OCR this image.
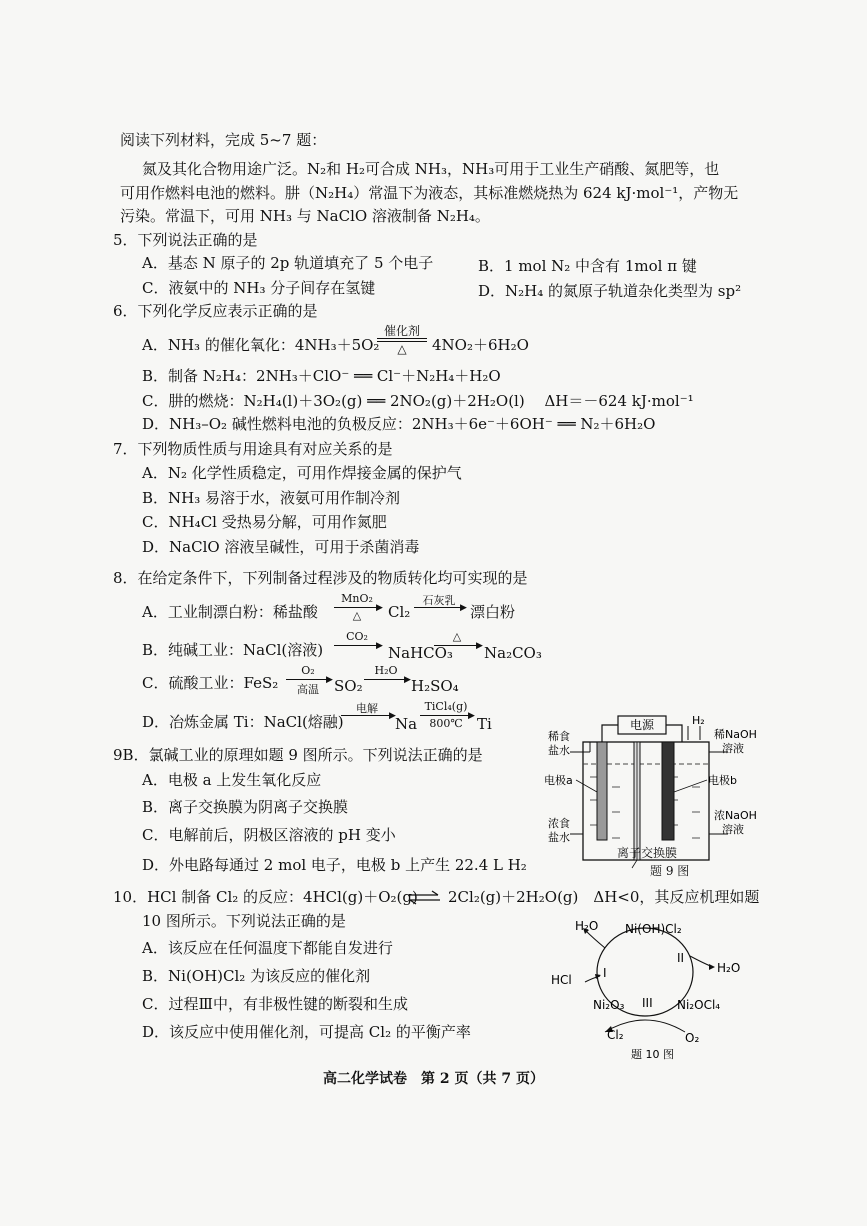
阅读下列材料，完成 5~7 题：
氮及其化合物用途广泛。N₂和 H₂可合成 NH₃，NH₃可用于工业生产硝酸、氮肥等，也
可用作燃料电池的燃料。肼（N₂H₄）常温下为液态，其标准燃烧热为 624 kJ·mol⁻¹，产物无
污染。常温下，可用 NH₃ 与 NaClO 溶液制备 N₂H₄。
5．下列说法正确的是
A．基态 N 原子的 2p 轨道填充了 5 个电子	B．1 mol N₂ 中含有 1mol π 键
C．液氨中的 NH₃ 分子间存在氢键	D．N₂H₄ 的氮原子轨道杂化类型为 sp²
6．下列化学反应表示正确的是
A．NH₃ 的催化氧化：4NH₃＋5O₂
催化剂
△	4NO₂＋6H₂O
B．制备 N₂H₄：2NH₃＋ClO⁻ ══ Cl⁻＋N₂H₄＋H₂O
C．肼的燃烧：N₂H₄(l)＋3O₂(g) ══ 2NO₂(g)＋2H₂O(l)　 ΔH＝－624 kJ·mol⁻¹
D．NH₃–O₂ 碱性燃料电池的负极反应：2NH₃＋6e⁻＋6OH⁻ ══ N₂＋6H₂O
7．下列物质性质与用途具有对应关系的是
A．N₂ 化学性质稳定，可用作焊接金属的保护气
B．NH₃ 易溶于水，液氨可用作制冷剂
C．NH₄Cl 受热易分解，可用作氮肥
D．NaClO 溶液呈碱性，可用于杀菌消毒
8．在给定条件下，下列制备过程涉及的物质转化均可实现的是
A．工业制漂白粉：稀盐酸
MnO₂
▶
△	Cl₂
石灰乳
▶ 漂白粉
B．纯碱工业：NaCl(溶液)
CO₂
▶ NaHCO₃
△
▶ Na₂CO₃
C．硫酸工业：FeS₂
O₂
▶
高温	SO₂
H₂O
▶ H₂SO₄
D．冶炼金属 Ti：NaCl(熔融)
电解
▶ Na
TiCl₄(g)
▶
800℃ Ti
9B．氯碱工业的原理如题 9 图所示。下列说法正确的是
A．电极 a 上发生氧化反应
B．离子交换膜为阴离子交换膜
C．电解前后，阴极区溶液的 pH 变小
D．外电路每通过 2 mol 电子，电极 b 上产生 22.4 L H₂
电源	H₂
稀食
盐水
电极a
浓食
盐水
稀NaOH
溶液
电极b
浓NaOH
溶液
离子交换膜
题 9 图
10．HCl 制备 Cl₂ 的反应：4HCl(g)＋O₂(g) ⇌ 2Cl₂(g)＋2H₂O(g)　ΔH<0，其反应机理如题
10 图所示。下列说法正确的是
A．该反应在任何温度下都能自发进行
B．Ni(OH)Cl₂ 为该反应的催化剂
C．过程Ⅲ中，有非极性键的断裂和生成
D．该反应中使用催化剂，可提高 Cl₂ 的平衡产率
H₂O Ni(OH)Cl₂
I
II
III
H₂O
HCl
Ni₂O₃	Ni₂OCl₄
Cl₂	O₂
题 10 图
高二化学试卷　第 2 页（共 7 页）
